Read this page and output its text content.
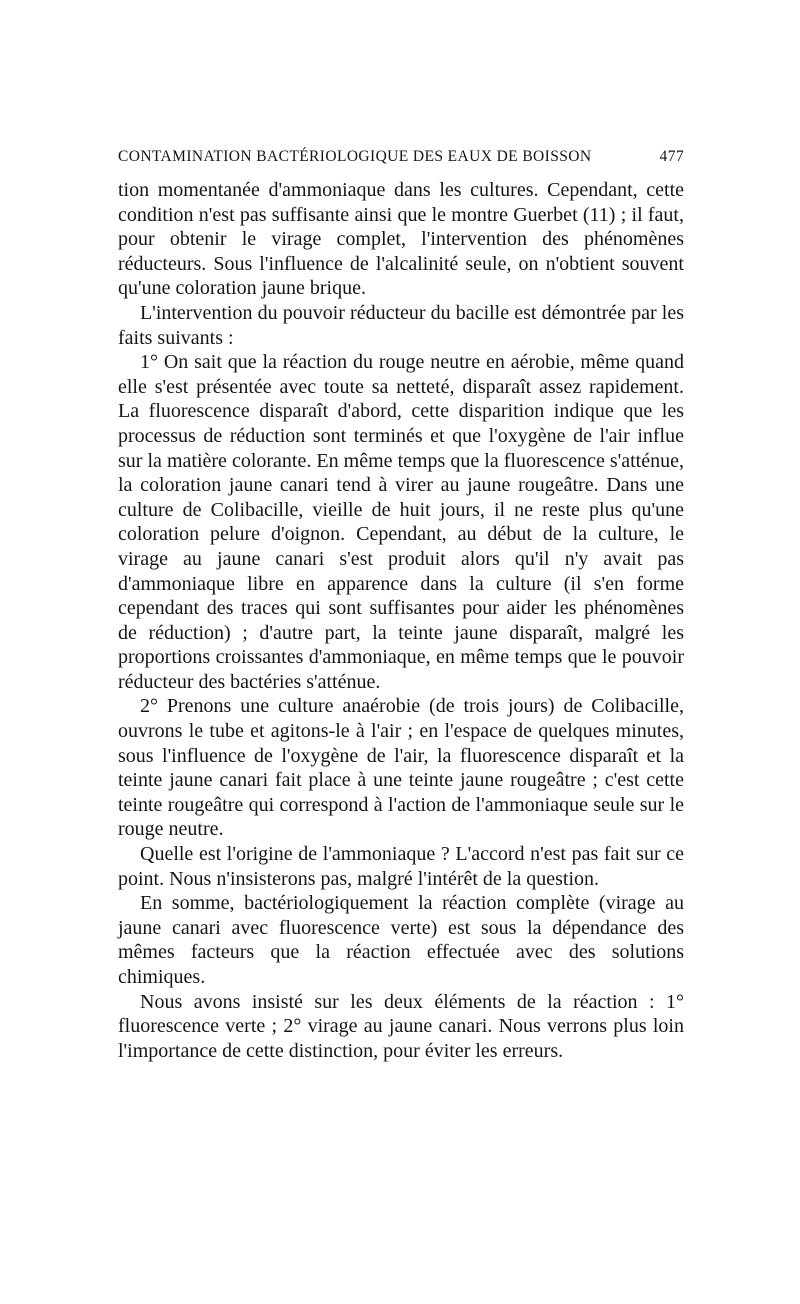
CONTAMINATION BACTÉRIOLOGIQUE DES EAUX DE BOISSON	477

tion momentanée d'ammoniaque dans les cultures. Cependant, cette condition n'est pas suffisante ainsi que le montre Guerbet (11) ; il faut, pour obtenir le virage complet, l'intervention des phénomènes réducteurs. Sous l'influence de l'alcalinité seule, on n'obtient souvent qu'une coloration jaune brique.

L'intervention du pouvoir réducteur du bacille est démontrée par les faits suivants :

1° On sait que la réaction du rouge neutre en aérobie, même quand elle s'est présentée avec toute sa netteté, disparaît assez rapidement. La fluorescence disparaît d'abord, cette disparition indique que les processus de réduction sont terminés et que l'oxygène de l'air influe sur la matière colorante. En même temps que la fluorescence s'atténue, la coloration jaune canari tend à virer au jaune rougeâtre. Dans une culture de Colibacille, vieille de huit jours, il ne reste plus qu'une coloration pelure d'oignon. Cependant, au début de la culture, le virage au jaune canari s'est produit alors qu'il n'y avait pas d'ammoniaque libre en apparence dans la culture (il s'en forme cependant des traces qui sont suffisantes pour aider les phénomènes de réduction) ; d'autre part, la teinte jaune disparaît, malgré les proportions croissantes d'ammoniaque, en même temps que le pouvoir réducteur des bactéries s'atténue.

2° Prenons une culture anaérobie (de trois jours) de Colibacille, ouvrons le tube et agitons-le à l'air ; en l'espace de quelques minutes, sous l'influence de l'oxygène de l'air, la fluorescence disparaît et la teinte jaune canari fait place à une teinte jaune rougeâtre ; c'est cette teinte rougeâtre qui correspond à l'action de l'ammoniaque seule sur le rouge neutre.

Quelle est l'origine de l'ammoniaque ? L'accord n'est pas fait sur ce point. Nous n'insisterons pas, malgré l'intérêt de la question.

En somme, bactériologiquement la réaction complète (virage au jaune canari avec fluorescence verte) est sous la dépendance des mêmes facteurs que la réaction effectuée avec des solutions chimiques.

Nous avons insisté sur les deux éléments de la réaction : 1° fluorescence verte ; 2° virage au jaune canari. Nous verrons plus loin l'importance de cette distinction, pour éviter les erreurs.
